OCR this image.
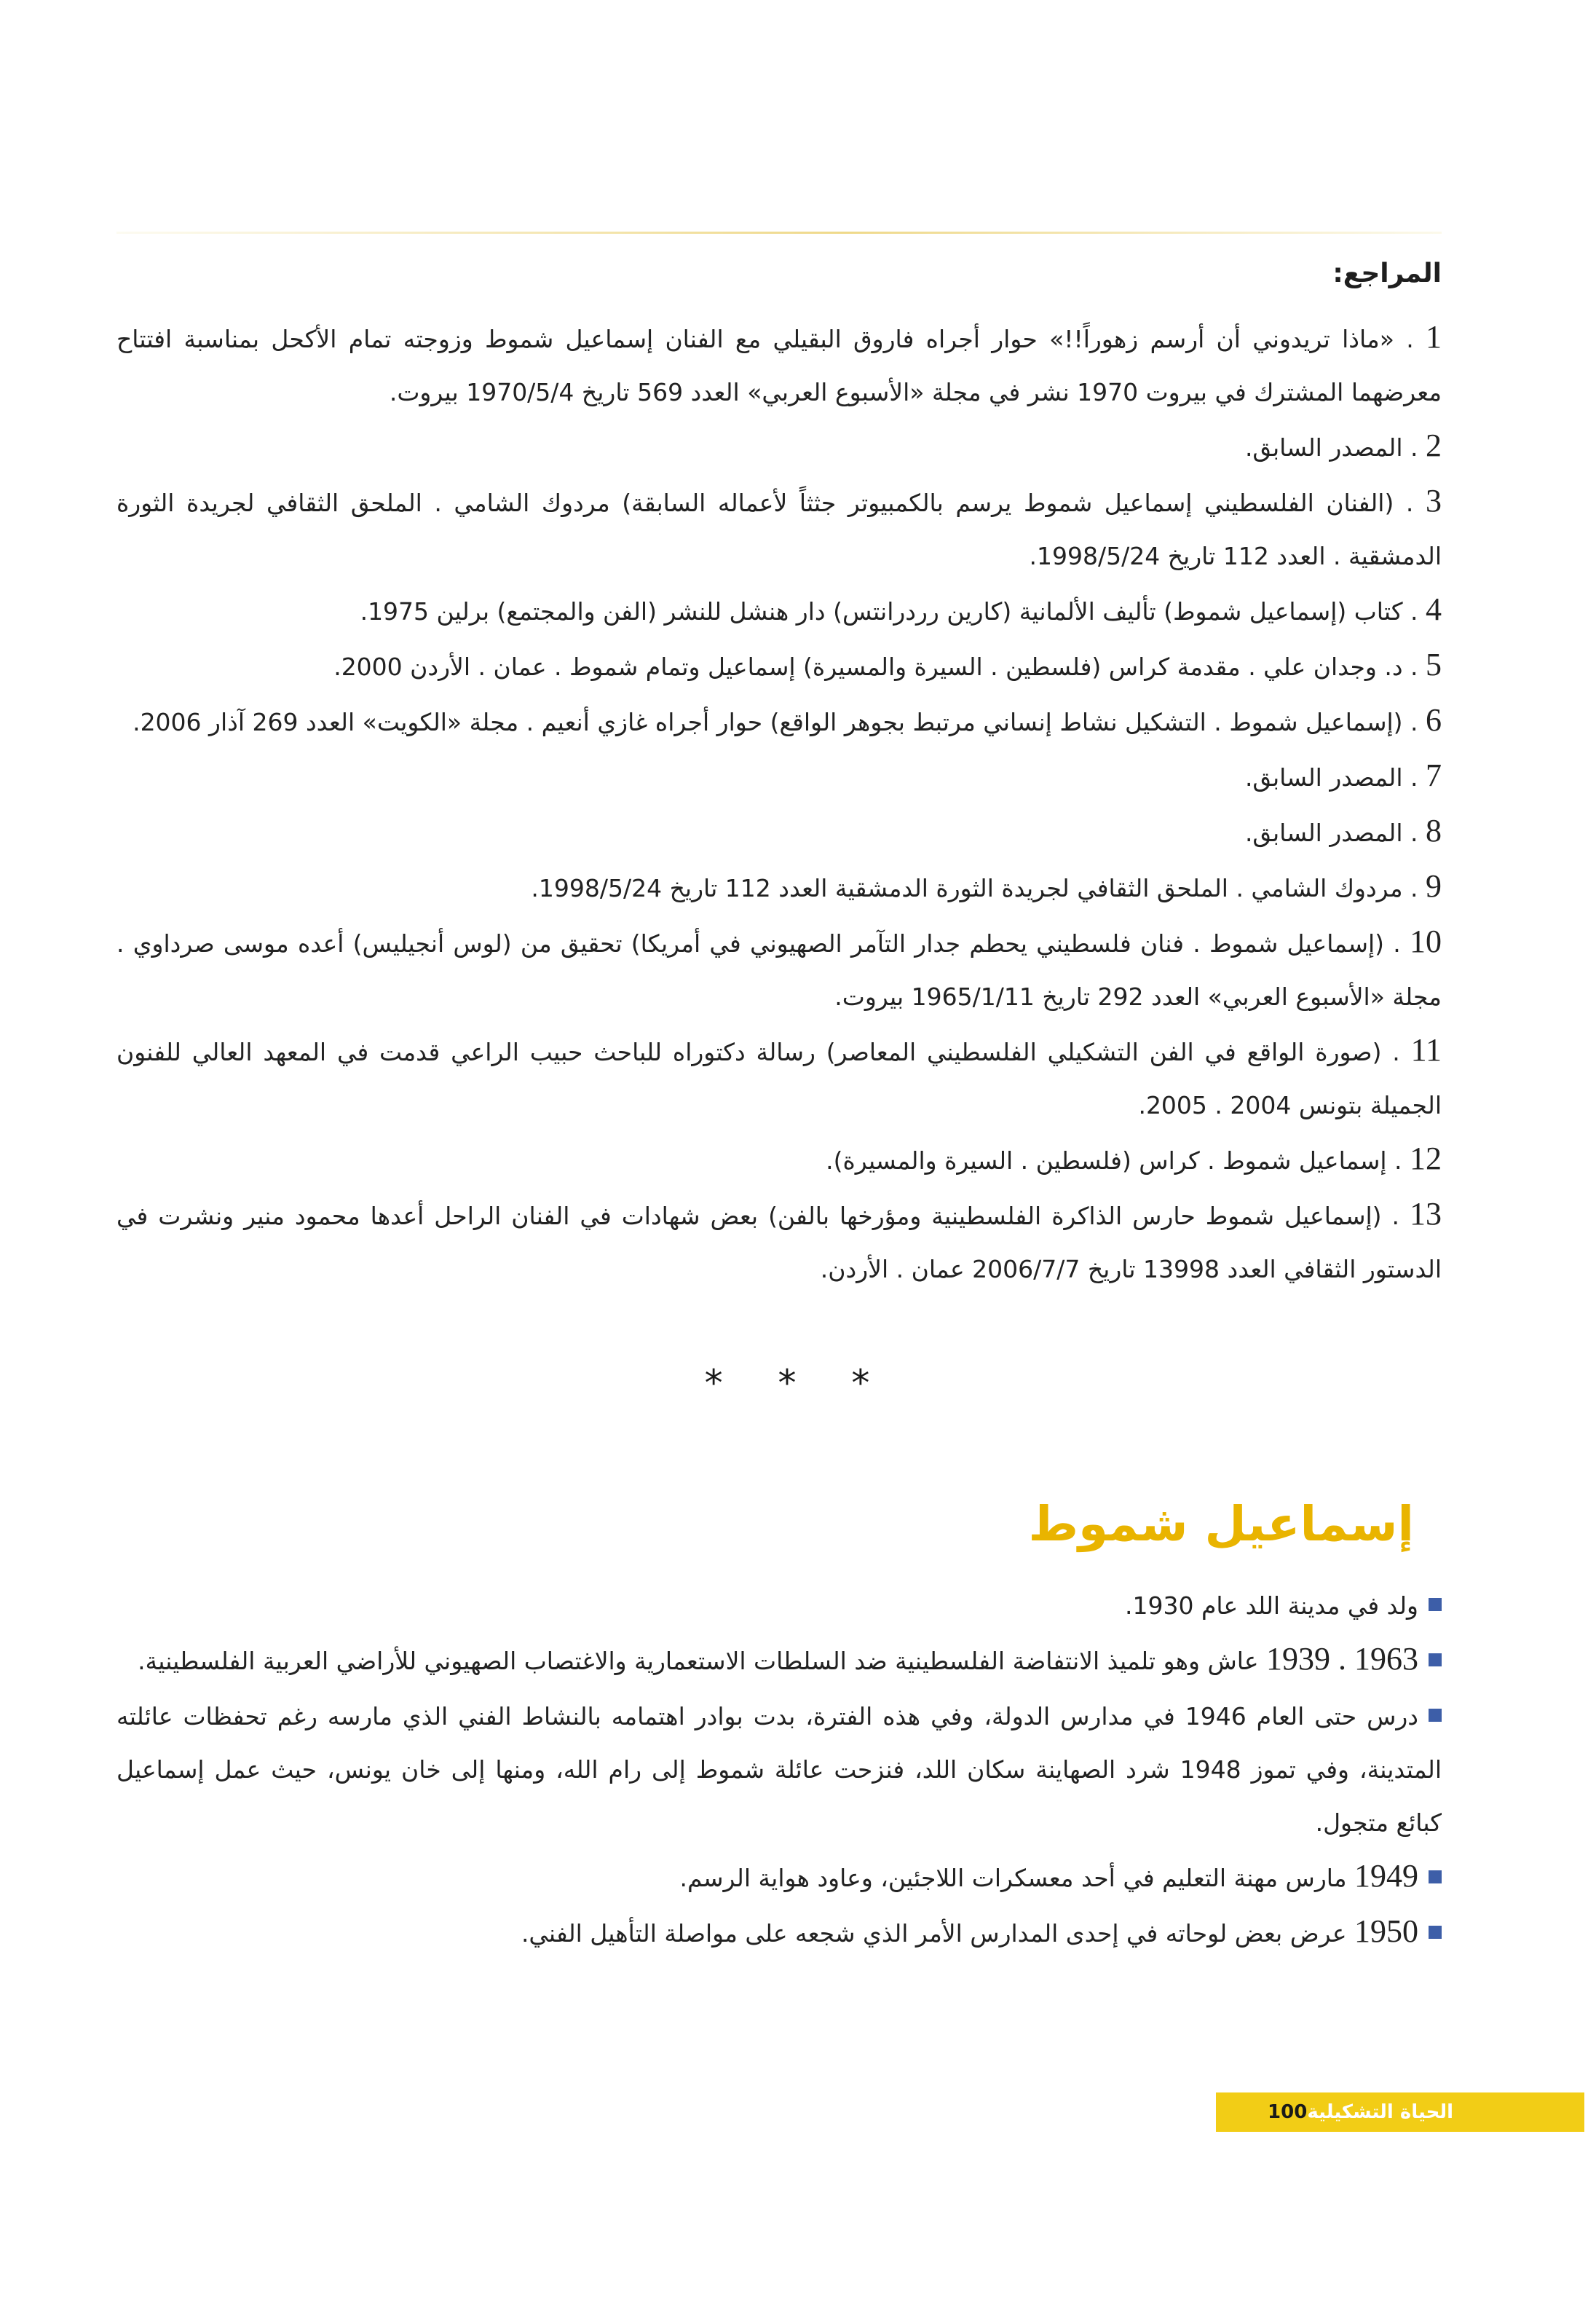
المراجع:

1 . «ماذا تريدوني أن أرسم زهوراً!!» حوار أجراه فاروق البقيلي مع الفنان إسماعيل شموط وزوجته تمام الأكحل بمناسبة افتتاح معرضهما المشترك في بيروت 1970 نشر في مجلة «الأسبوع العربي» العدد 569 تاريخ 1970/5/4 بيروت.

2 . المصدر السابق.

3 . (الفنان الفلسطيني إسماعيل شموط يرسم بالكمبيوتر جثثاً لأعماله السابقة) مردوك الشامي . الملحق الثقافي لجريدة الثورة الدمشقية . العدد 112 تاريخ 1998/5/24.

4 . كتاب (إسماعيل شموط) تأليف الألمانية (كارين رردرانتس) دار هنشل للنشر (الفن والمجتمع) برلين 1975.

5 . د. وجدان علي . مقدمة كراس (فلسطين . السيرة والمسيرة) إسماعيل وتمام شموط . عمان . الأردن 2000.

6 . (إسماعيل شموط . التشكيل نشاط إنساني مرتبط بجوهر الواقع) حوار أجراه غازي أنعيم . مجلة «الكويت» العدد 269 آذار 2006.

7 . المصدر السابق.

8 . المصدر السابق.

9 . مردوك الشامي . الملحق الثقافي لجريدة الثورة الدمشقية العدد 112 تاريخ 1998/5/24.

10 . (إسماعيل شموط . فنان فلسطيني يحطم جدار التآمر الصهيوني في أمريكا) تحقيق من (لوس أنجيليس) أعده موسى صرداوي . مجلة «الأسبوع العربي» العدد 292 تاريخ 1965/1/11 بيروت.

11 . (صورة الواقع في الفن التشكيلي الفلسطيني المعاصر) رسالة دكتوراه للباحث حبيب الراعي قدمت في المعهد العالي للفنون الجميلة بتونس 2004 . 2005.

12 . إسماعيل شموط . كراس (فلسطين . السيرة والمسيرة).

13 . (إسماعيل شموط حارس الذاكرة الفلسطينية ومؤرخها بالفن) بعض شهادات في الفنان الراحل أعدها محمود منير ونشرت في الدستور الثقافي العدد 13998 تاريخ 2006/7/7 عمان . الأردن.

* * *
إسماعيل شموط

ولد في مدينة اللد عام 1930.

1963 . 1939 عاش وهو تلميذ الانتفاضة الفلسطينية ضد السلطات الاستعمارية والاغتصاب الصهيوني للأراضي العربية الفلسطينية.

درس حتى العام 1946 في مدارس الدولة، وفي هذه الفترة، بدت بوادر اهتمامه بالنشاط الفني الذي مارسه رغم تحفظات عائلته المتدينة، وفي تموز 1948 شرد الصهاينة سكان اللد، فنزحت عائلة شموط إلى رام الله، ومنها إلى خان يونس، حيث عمل إسماعيل كبائع متجول.

1949 مارس مهنة التعليم في أحد معسكرات اللاجئين، وعاود هواية الرسم.

1950 عرض بعض لوحاته في إحدى المدارس الأمر الذي شجعه على مواصلة التأهيل الفني.

الحياة التشكيلية
100
